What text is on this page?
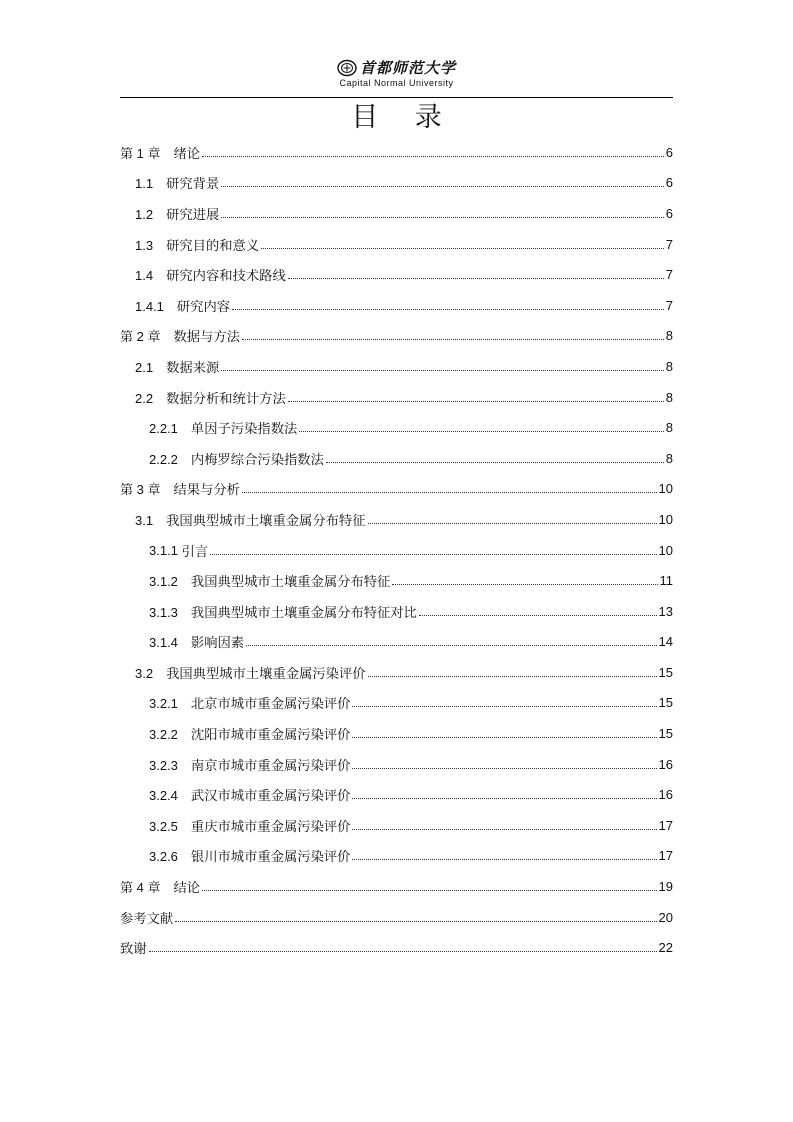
首都师范大学
Capital Normal University
目 录
第 1 章　 绪论	6
1.1　 研究背景	6
1.2　 研究进展	6
1.3　 研究目的和意义	7
1.4　 研究内容和技术路线	7
1.4.1　 研究内容	7
第 2 章　 数据与方法	8
2.1　 数据来源	8
2.2　 数据分析和统计方法	8
2.2.1　 单因子污染指数法	8
2.2.2　 内梅罗综合污染指数法	8
第 3 章　 结果与分析	10
3.1　 我国典型城市土壤重金属分布特征	10
3.1.1 引言	10
3.1.2　 我国典型城市土壤重金属分布特征	11
3.1.3　 我国典型城市土壤重金属分布特征对比	13
3.1.4　 影响因素	14
3.2　 我国典型城市土壤重金属污染评价	15
3.2.1　 北京市城市重金属污染评价	15
3.2.2　 沈阳市城市重金属污染评价	15
3.2.3　 南京市城市重金属污染评价	16
3.2.4　 武汉市城市重金属污染评价	16
3.2.5　 重庆市城市重金属污染评价	17
3.2.6　 银川市城市重金属污染评价	17
第 4 章　 结论	19
参考文献	20
致谢	22
